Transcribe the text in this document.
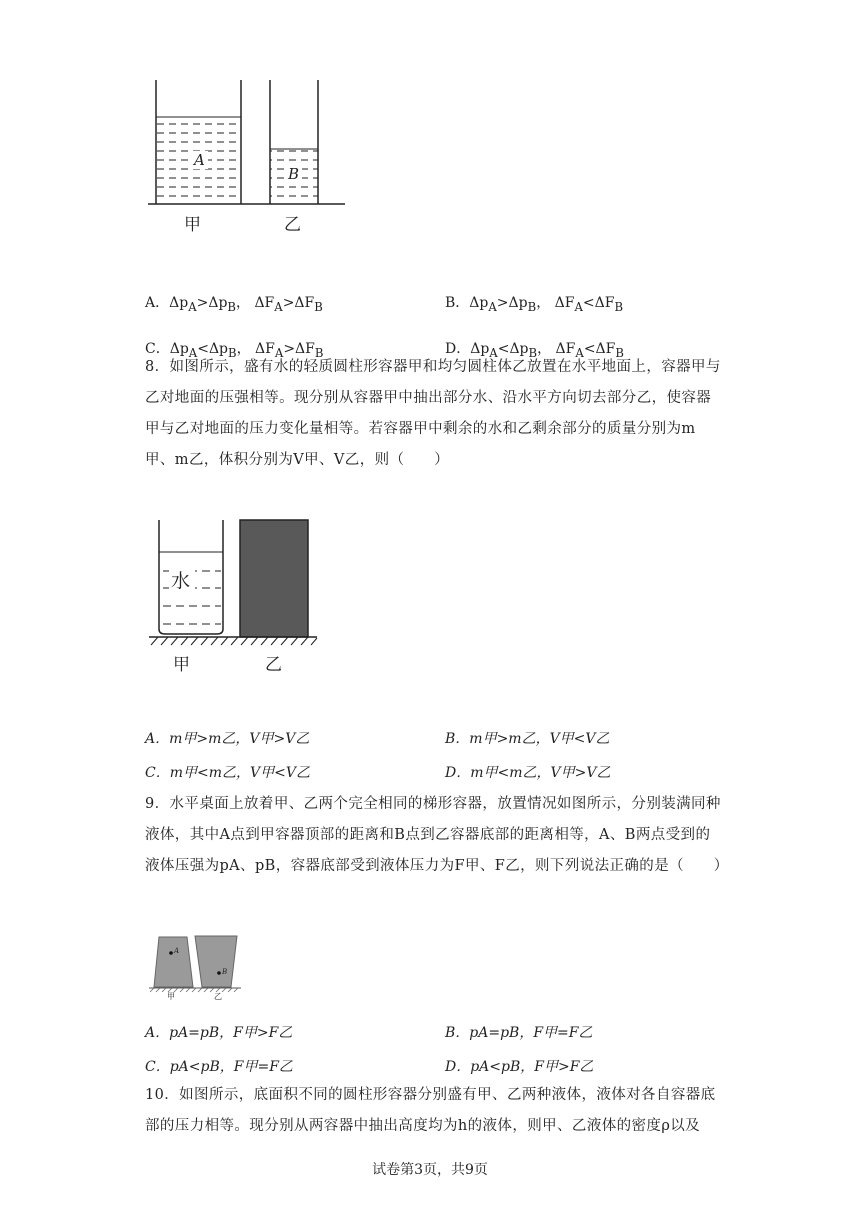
A
B
甲	乙
A．$\Delta p_A>\Delta p_B$， $\Delta F_A>\Delta F_B$	B．$\Delta p_A>\Delta p_B$， $\Delta F_A<\Delta F_B$
C．$\Delta p_A<\Delta p_B$， $\Delta F_A>\Delta F_B$	D．$\Delta p_A<\Delta p_B$， $\Delta F_A<\Delta F_B$

8．如图所示，盛有水的轻质圆柱形容器甲和均匀圆柱体乙放置在水平地面上，容器甲与乙对地面的压强相等。现分别从容器甲中抽出部分水、沿水平方向切去部分乙，使容器甲与乙对地面的压力变化量相等。若容器甲中剩余的水和乙剩余部分的质量分别为m甲、m乙，体积分别为V甲、V乙，则（　　）

水
甲	乙
A．m甲>m乙，V甲>V乙	B．m甲>m乙，V甲<V乙
C．m甲<m乙，V甲<V乙	D．m甲<m乙，V甲>V乙

9．水平桌面上放着甲、乙两个完全相同的梯形容器，放置情况如图所示，分别装满同种液体，其中A点到甲容器顶部的距离和B点到乙容器底部的距离相等，A、B两点受到的液体压强为pA、pB，容器底部受到液体压力为F甲、F乙，则下列说法正确的是（　　）

A
B
甲	乙
A．pA=pB，F甲>F乙	B．pA=pB，F甲=F乙
C．pA<pB，F甲=F乙	D．pA<pB，F甲>F乙

10．如图所示，底面积不同的圆柱形容器分别盛有甲、乙两种液体，液体对各自容器底部的压力相等。现分别从两容器中抽出高度均为h的液体，则甲、乙液体的密度ρ以及

试卷第3页，共9页
